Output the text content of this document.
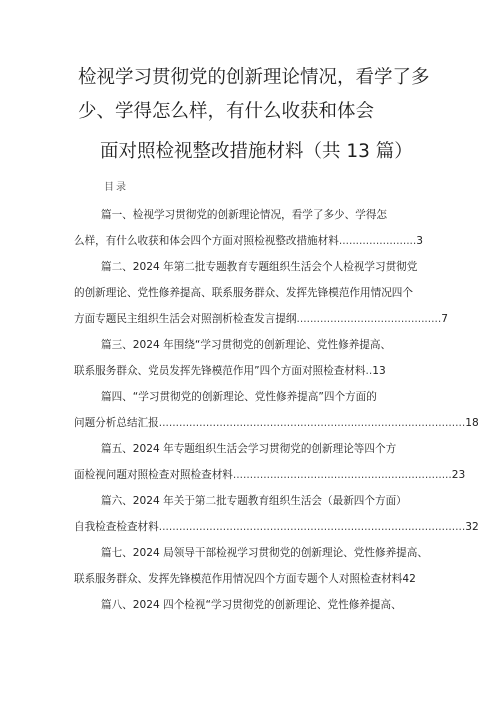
检视学习贯彻党的创新理论情况，看学了多
少、学得怎么样，有什么收获和体会
面对照检视整改措施材料（共 13 篇）
目录
篇一、检视学习贯彻党的创新理论情况，看学了多少、学得怎
么样，有什么收获和体会四个方面对照检视整改措施材料.......................3
篇二、2024 年第二批专题教育专题组织生活会个人检视学习贯彻党
的创新理论、党性修养提高、联系服务群众、发挥先锋模范作用情况四个
方面专题民主组织生活会对照剖析检查发言提纲...........................................7
篇三、2024 年围绕“学习贯彻党的创新理论、党性修养提高、
联系服务群众、党员发挥先锋模范作用”四个方面对照检查材料..13
篇四、“学习贯彻党的创新理论、党性修养提高”四个方面的
问题分析总结汇报...........................................................................................18
篇五、2024 年专题组织生活会学习贯彻党的创新理论等四个方
面检视问题对照检查对照检查材料.................................................................23
篇六、2024 年关于第二批专题教育组织生活会（最新四个方面）
自我检查检查材料...........................................................................................32
篇七、2024 局领导干部检视学习贯彻党的创新理论、党性修养提高、
联系服务群众、发挥先锋模范作用情况四个方面专题个人对照检查材料42
篇八、2024 四个检视“学习贯彻党的创新理论、党性修养提高、
